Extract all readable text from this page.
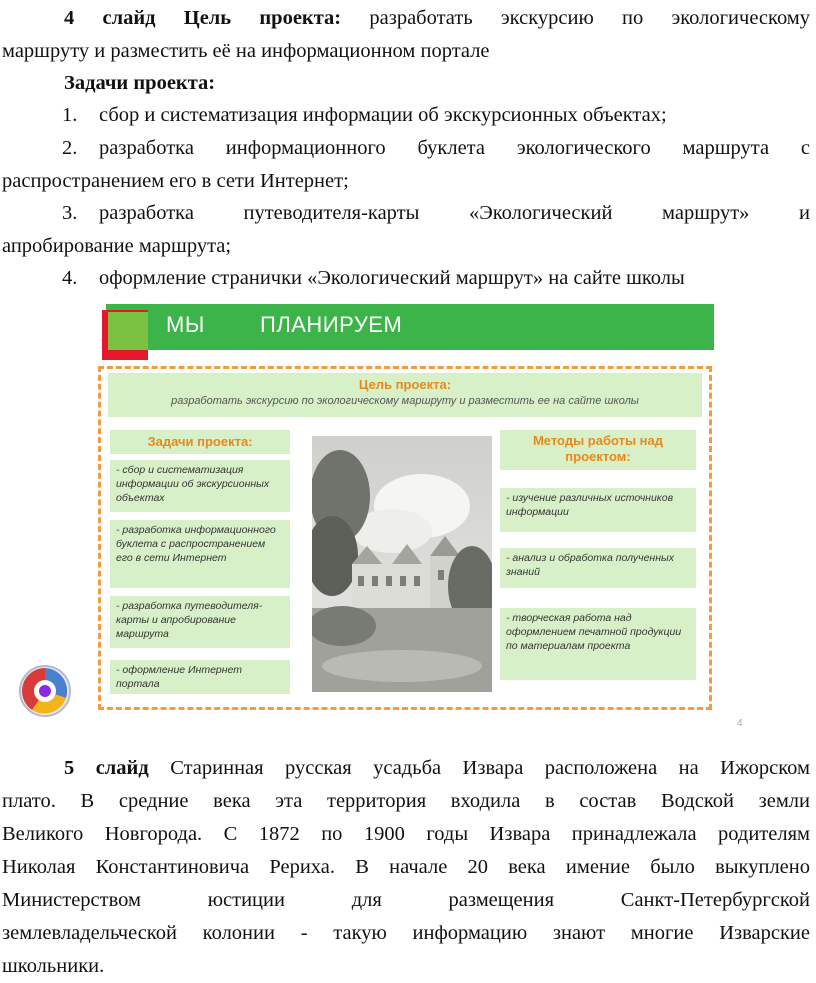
4 слайд Цель проекта: разработать экскурсию по экологическому
маршруту и разместить её на информационном портале
Задачи проекта:
1.	сбор и систематизация информации об экскурсионных объектах;
2.	разработка информационного буклета экологического маршрута с
распространением его в сети Интернет;
3.	разработка путеводителя-карты «Экологический маршрут» и
апробирование маршрута;
4.	оформление странички «Экологический маршрут» на сайте школы
МЫ	ПЛАНИРУЕМ
Цель проекта:
разработать экскурсию по экологическому маршруту и разместить ее на сайте школы
Задачи проекта:
- сбор и систематизация информации об экскурсионных объектах
- разработка информационного буклета с распространением его в сети Интернет
- разработка путеводителя-карты и апробирование маршрута
- оформление Интернет портала
Методы работы над проектом:
- изучение различных источников информации
- анализ и обработка полученных знаний
- творческая работа над оформлением печатной продукции по материалам проекта
4
5 слайд Старинная русская усадьба Извара расположена на Ижорском
плато. В средние века эта территория входила в состав Водской земли
Великого Новгорода. С 1872 по 1900 годы Извара принадлежала родителям
Николая Константиновича Рериха. В начале 20 века имение было выкуплено
Министерством юстиции для размещения Санкт-Петербургской
землевладельческой колонии - такую информацию знают многие Изварские
школьники.
